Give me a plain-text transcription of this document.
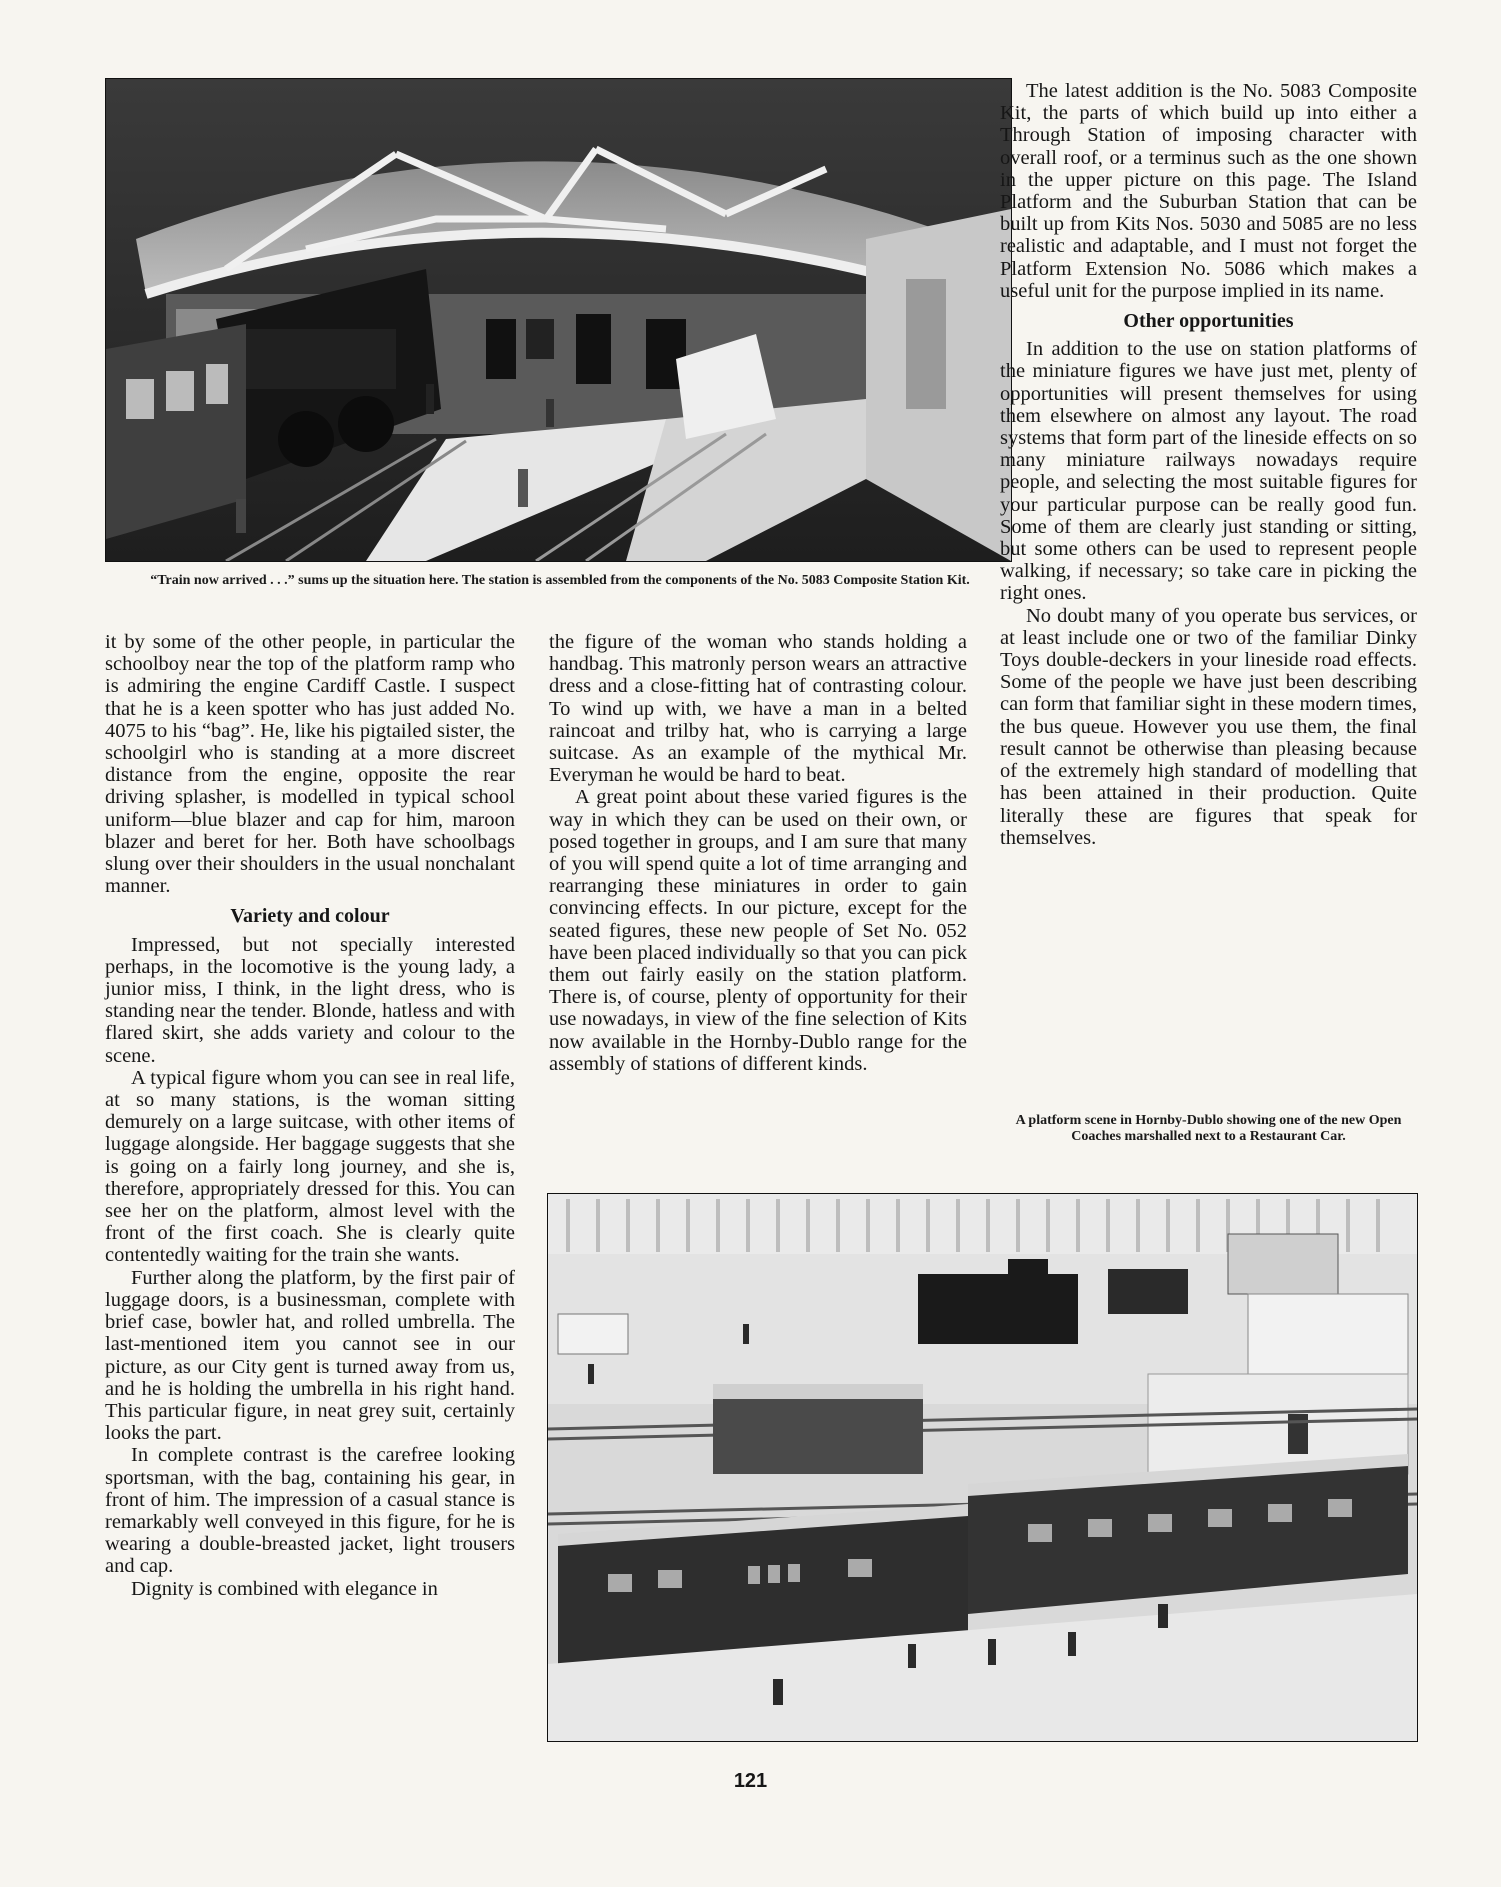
“Train now arrived . . .” sums up the situation here. The station is assembled from the components of the No. 5083 Composite Station Kit.

it by some of the other people, in particular the schoolboy near the top of the platform ramp who is admiring the engine Cardiff Castle. I suspect that he is a keen spotter who has just added No. 4075 to his “bag”. He, like his pigtailed sister, the schoolgirl who is standing at a more discreet distance from the engine, opposite the rear driving splasher, is modelled in typical school uniform—blue blazer and cap for him, maroon blazer and beret for her. Both have schoolbags slung over their shoulders in the usual nonchalant manner.

Variety and colour

Impressed, but not specially interested perhaps, in the locomotive is the young lady, a junior miss, I think, in the light dress, who is standing near the tender. Blonde, hatless and with flared skirt, she adds variety and colour to the scene.

A typical figure whom you can see in real life, at so many stations, is the woman sitting demurely on a large suitcase, with other items of luggage alongside. Her baggage suggests that she is going on a fairly long journey, and she is, therefore, appropriately dressed for this. You can see her on the platform, almost level with the front of the first coach. She is clearly quite contentedly waiting for the train she wants.

Further along the platform, by the first pair of luggage doors, is a businessman, complete with brief case, bowler hat, and rolled umbrella. The last-mentioned item you cannot see in our picture, as our City gent is turned away from us, and he is holding the umbrella in his right hand. This particular figure, in neat grey suit, certainly looks the part.

In complete contrast is the carefree looking sportsman, with the bag, containing his gear, in front of him. The impression of a casual stance is remarkably well conveyed in this figure, for he is wearing a double-breasted jacket, light trousers and cap.

Dignity is combined with elegance in

the figure of the woman who stands holding a handbag. This matronly person wears an attractive dress and a close-fitting hat of contrasting colour. To wind up with, we have a man in a belted raincoat and trilby hat, who is carrying a large suitcase. As an example of the mythical Mr. Everyman he would be hard to beat.

A great point about these varied figures is the way in which they can be used on their own, or posed together in groups, and I am sure that many of you will spend quite a lot of time arranging and rearranging these miniatures in order to gain convincing effects. In our picture, except for the seated figures, these new people of Set No. 052 have been placed individually so that you can pick them out fairly easily on the station platform. There is, of course, plenty of opportunity for their use nowadays, in view of the fine selection of Kits now available in the Hornby-Dublo range for the assembly of stations of different kinds.

The latest addition is the No. 5083 Composite Kit, the parts of which build up into either a Through Station of imposing character with overall roof, or a terminus such as the one shown in the upper picture on this page. The Island Platform and the Suburban Station that can be built up from Kits Nos. 5030 and 5085 are no less realistic and adaptable, and I must not forget the Platform Extension No. 5086 which makes a useful unit for the purpose implied in its name.

Other opportunities

In addition to the use on station platforms of the miniature figures we have just met, plenty of opportunities will present themselves for using them elsewhere on almost any layout. The road systems that form part of the lineside effects on so many miniature railways nowadays require people, and selecting the most suitable figures for your particular purpose can be really good fun. Some of them are clearly just standing or sitting, but some others can be used to represent people walking, if necessary; so take care in picking the right ones.

No doubt many of you operate bus services, or at least include one or two of the familiar Dinky Toys double-deckers in your lineside road effects. Some of the people we have just been describing can form that familiar sight in these modern times, the bus queue. However you use them, the final result cannot be otherwise than pleasing because of the extremely high standard of modelling that has been attained in their production. Quite literally these are figures that speak for themselves.

A platform scene in Hornby-Dublo showing one of the new Open Coaches marshalled next to a Restaurant Car.
121
